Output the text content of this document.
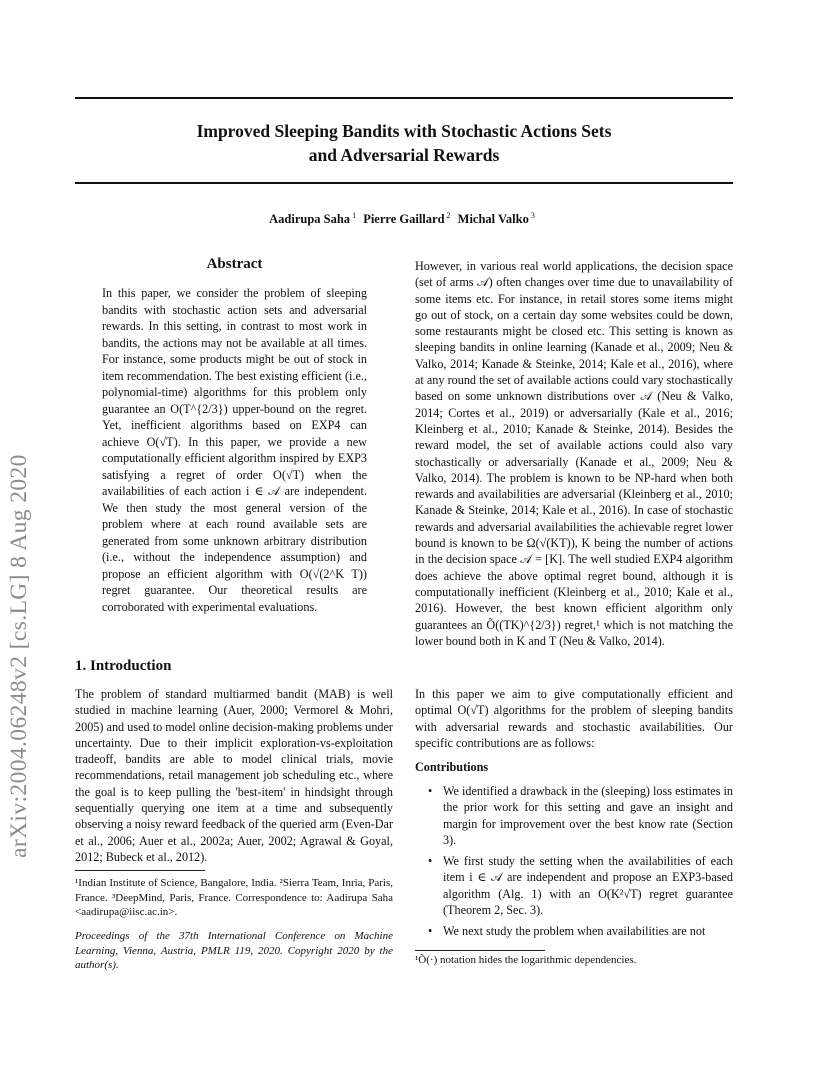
Improved Sleeping Bandits with Stochastic Actions Sets
and Adversarial Rewards
Aadirupa Saha $^1$ Pierre Gaillard $^2$ Michal Valko $^3$
arXiv:2004.06248v2 [cs.LG] 8 Aug 2020
Abstract
In this paper, we consider the problem of sleeping bandits with stochastic action sets and adversarial rewards. In this setting, in contrast to most work in bandits, the actions may not be available at all times. For instance, some products might be out of stock in item recommendation. The best existing efficient (i.e., polynomial-time) algorithms for this problem only guarantee an O(T^{2/3}) upper-bound on the regret. Yet, inefficient algorithms based on EXP4 can achieve O(√T). In this paper, we provide a new computationally efficient algorithm inspired by EXP3 satisfying a regret of order O(√T) when the availabilities of each action i ∈ 𝒜 are independent. We then study the most general version of the problem where at each round available sets are generated from some unknown arbitrary distribution (i.e., without the independence assumption) and propose an efficient algorithm with O(√(2^K T)) regret guarantee. Our theoretical results are corroborated with experimental evaluations.
1. Introduction
The problem of standard multiarmed bandit (MAB) is well studied in machine learning (Auer, 2000; Vermorel & Mohri, 2005) and used to model online decision-making problems under uncertainty. Due to their implicit exploration-vs-exploitation tradeoff, bandits are able to model clinical trials, movie recommendations, retail management job scheduling etc., where the goal is to keep pulling the 'best-item' in hindsight through sequentially querying one item at a time and subsequently observing a noisy reward feedback of the queried arm (Even-Dar et al., 2006; Auer et al., 2002a; Auer, 2002; Agrawal & Goyal, 2012; Bubeck et al., 2012).
¹Indian Institute of Science, Bangalore, India. ²Sierra Team, Inria, Paris, France. ³DeepMind, Paris, France. Correspondence to: Aadirupa Saha <aadirupa@iisc.ac.in>.
Proceedings of the 37th International Conference on Machine Learning, Vienna, Austria, PMLR 119, 2020. Copyright 2020 by the author(s).
However, in various real world applications, the decision space (set of arms 𝒜) often changes over time due to unavailability of some items etc. For instance, in retail stores some items might go out of stock, on a certain day some websites could be down, some restaurants might be closed etc. This setting is known as sleeping bandits in online learning (Kanade et al., 2009; Neu & Valko, 2014; Kanade & Steinke, 2014; Kale et al., 2016), where at any round the set of available actions could vary stochastically based on some unknown distributions over 𝒜 (Neu & Valko, 2014; Cortes et al., 2019) or adversarially (Kale et al., 2016; Kleinberg et al., 2010; Kanade & Steinke, 2014). Besides the reward model, the set of available actions could also vary stochastically or adversarially (Kanade et al., 2009; Neu & Valko, 2014). The problem is known to be NP-hard when both rewards and availabilities are adversarial (Kleinberg et al., 2010; Kanade & Steinke, 2014; Kale et al., 2016). In case of stochastic rewards and adversarial availabilities the achievable regret lower bound is known to be Ω(√(KT)), K being the number of actions in the decision space 𝒜 = [K]. The well studied EXP4 algorithm does achieve the above optimal regret bound, although it is computationally inefficient (Kleinberg et al., 2010; Kale et al., 2016). However, the best known efficient algorithm only guarantees an Õ((TK)^{2/3}) regret,¹ which is not matching the lower bound both in K and T (Neu & Valko, 2014).
In this paper we aim to give computationally efficient and optimal O(√T) algorithms for the problem of sleeping bandits with adversarial rewards and stochastic availabilities. Our specific contributions are as follows:
Contributions
• We identified a drawback in the (sleeping) loss estimates in the prior work for this setting and gave an insight and margin for improvement over the best know rate (Section 3).
• We first study the setting when the availabilities of each item i ∈ 𝒜 are independent and propose an EXP3-based algorithm (Alg. 1) with an O(K²√T) regret guarantee (Theorem 2, Sec. 3).
• We next study the problem when availabilities are not
¹Õ(·) notation hides the logarithmic dependencies.
